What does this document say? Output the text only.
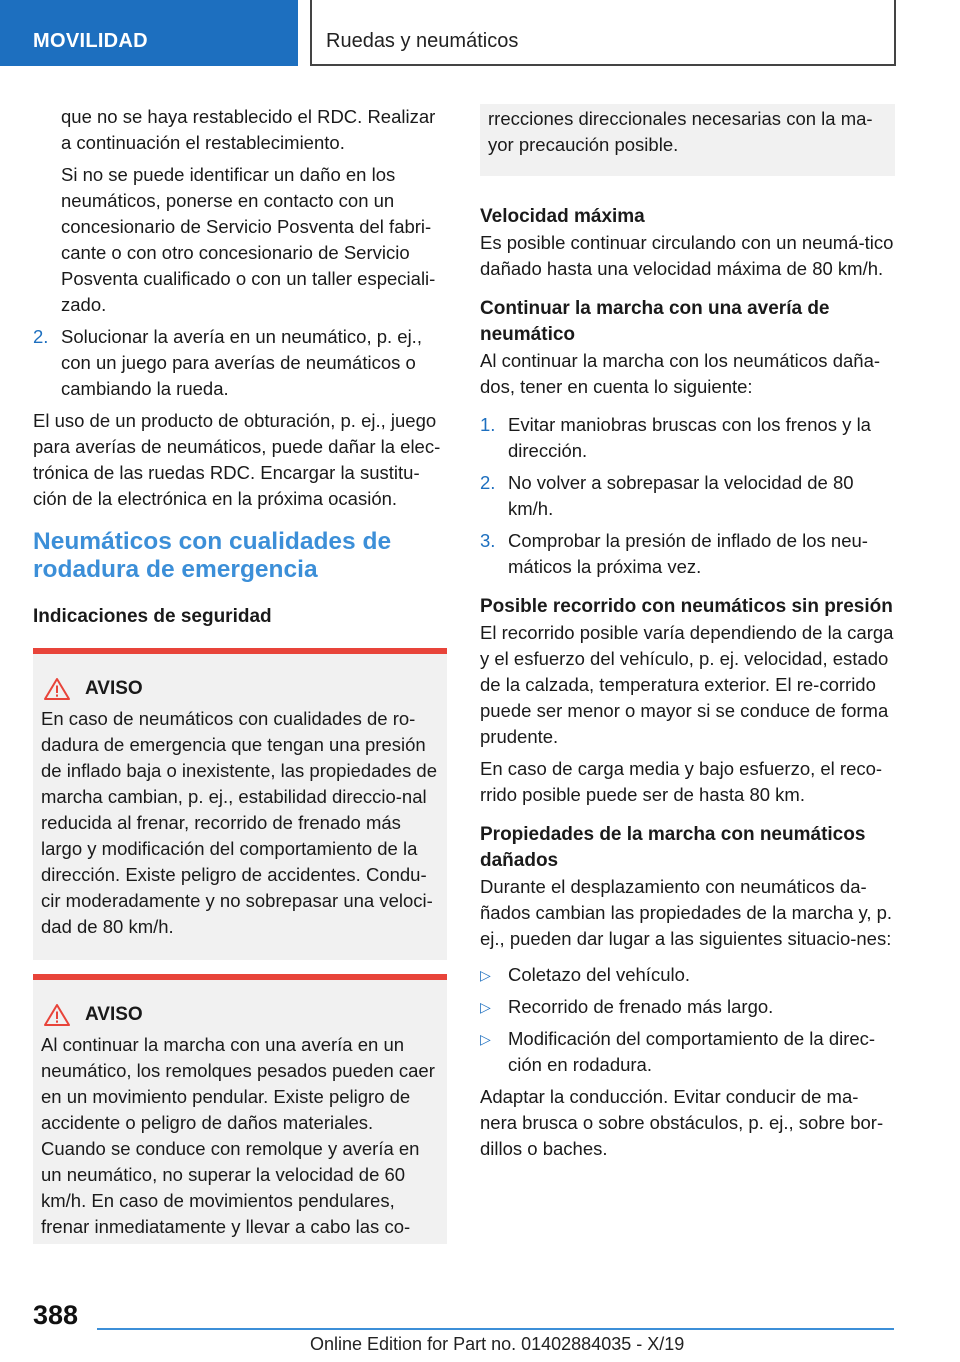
MOVILIDAD	Ruedas y neumáticos

que no se haya restablecido el RDC. Realizar a continuación el restablecimiento.

Si no se puede identificar un daño en los neumáticos, ponerse en contacto con un concesionario de Servicio Posventa del fabri-cante o con otro concesionario de Servicio Posventa cualificado o con un taller especiali-zado.

2. Solucionar la avería en un neumático, p. ej., con un juego para averías de neumáticos o cambiando la rueda.

El uso de un producto de obturación, p. ej., juego para averías de neumáticos, puede dañar la elec-trónica de las ruedas RDC. Encargar la sustitu-ción de la electrónica en la próxima ocasión.

Neumáticos con cualidades de rodadura de emergencia

Indicaciones de seguridad

AVISO

En caso de neumáticos con cualidades de ro-dadura de emergencia que tengan una presión de inflado baja o inexistente, las propiedades de marcha cambian, p. ej., estabilidad direccio-nal reducida al frenar, recorrido de frenado más largo y modificación del comportamiento de la dirección. Existe peligro de accidentes. Condu-cir moderadamente y no sobrepasar una veloci-dad de 80 km/h.

AVISO

Al continuar la marcha con una avería en un neumático, los remolques pesados pueden caer en un movimiento pendular. Existe peligro de accidente o peligro de daños materiales. Cuando se conduce con remolque y avería en un neumático, no superar la velocidad de 60 km/h. En caso de movimientos pendulares, frenar inmediatamente y llevar a cabo las co-

rrecciones direccionales necesarias con la ma-yor precaución posible.

Velocidad máxima

Es posible continuar circulando con un neumá-tico dañado hasta una velocidad máxima de 80 km/h.

Continuar la marcha con una avería de neumático

Al continuar la marcha con los neumáticos daña-dos, tener en cuenta lo siguiente:

1. Evitar maniobras bruscas con los frenos y la dirección.
2. No volver a sobrepasar la velocidad de 80 km/h.
3. Comprobar la presión de inflado de los neu-máticos la próxima vez.

Posible recorrido con neumáticos sin presión

El recorrido posible varía dependiendo de la carga y el esfuerzo del vehículo, p. ej. velocidad, estado de la calzada, temperatura exterior. El re-corrido puede ser menor o mayor si se conduce de forma prudente.

En caso de carga media y bajo esfuerzo, el reco-rrido posible puede ser de hasta 80 km.

Propiedades de la marcha con neumáticos dañados

Durante el desplazamiento con neumáticos da-ñados cambian las propiedades de la marcha y, p. ej., pueden dar lugar a las siguientes situacio-nes:

▷ Coletazo del vehículo.
▷ Recorrido de frenado más largo.
▷ Modificación del comportamiento de la direc-ción en rodadura.

Adaptar la conducción. Evitar conducir de ma-nera brusca o sobre obstáculos, p. ej., sobre bor-dillos o baches.

388
Online Edition for Part no. 01402884035 - X/19
